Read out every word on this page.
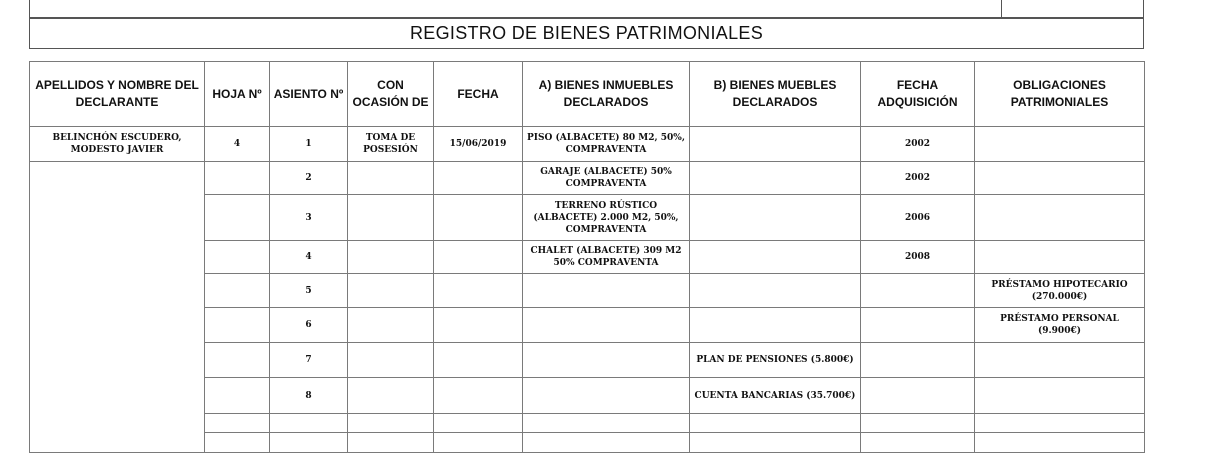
REGISTRO DE BIENES PATRIMONIALES
APELLIDOS Y NOMBRE DEL DECLARANTE	HOJA Nº	ASIENTO Nº	CON OCASIÓN DE	FECHA	A) BIENES INMUEBLES DECLARADOS	B) BIENES MUEBLES DECLARADOS	FECHA ADQUISICIÓN	OBLIGACIONES PATRIMONIALES
BELINCHÓN ESCUDERO, MODESTO JAVIER	4	1	TOMA DE POSESIÓN	15/06/2019	PISO (ALBACETE) 80 M2, 50%, COMPRAVENTA		2002	
		2			GARAJE (ALBACETE) 50% COMPRAVENTA		2002	
		3			TERRENO RÚSTICO (ALBACETE) 2.000 M2, 50%, COMPRAVENTA		2006	
		4			CHALET (ALBACETE) 309 M2 50% COMPRAVENTA		2008	
		5						PRÉSTAMO HIPOTECARIO (270.000€)
		6						PRÉSTAMO PERSONAL (9.900€)
		7				PLAN DE PENSIONES (5.800€)		
		8				CUENTA BANCARIAS (35.700€)		
